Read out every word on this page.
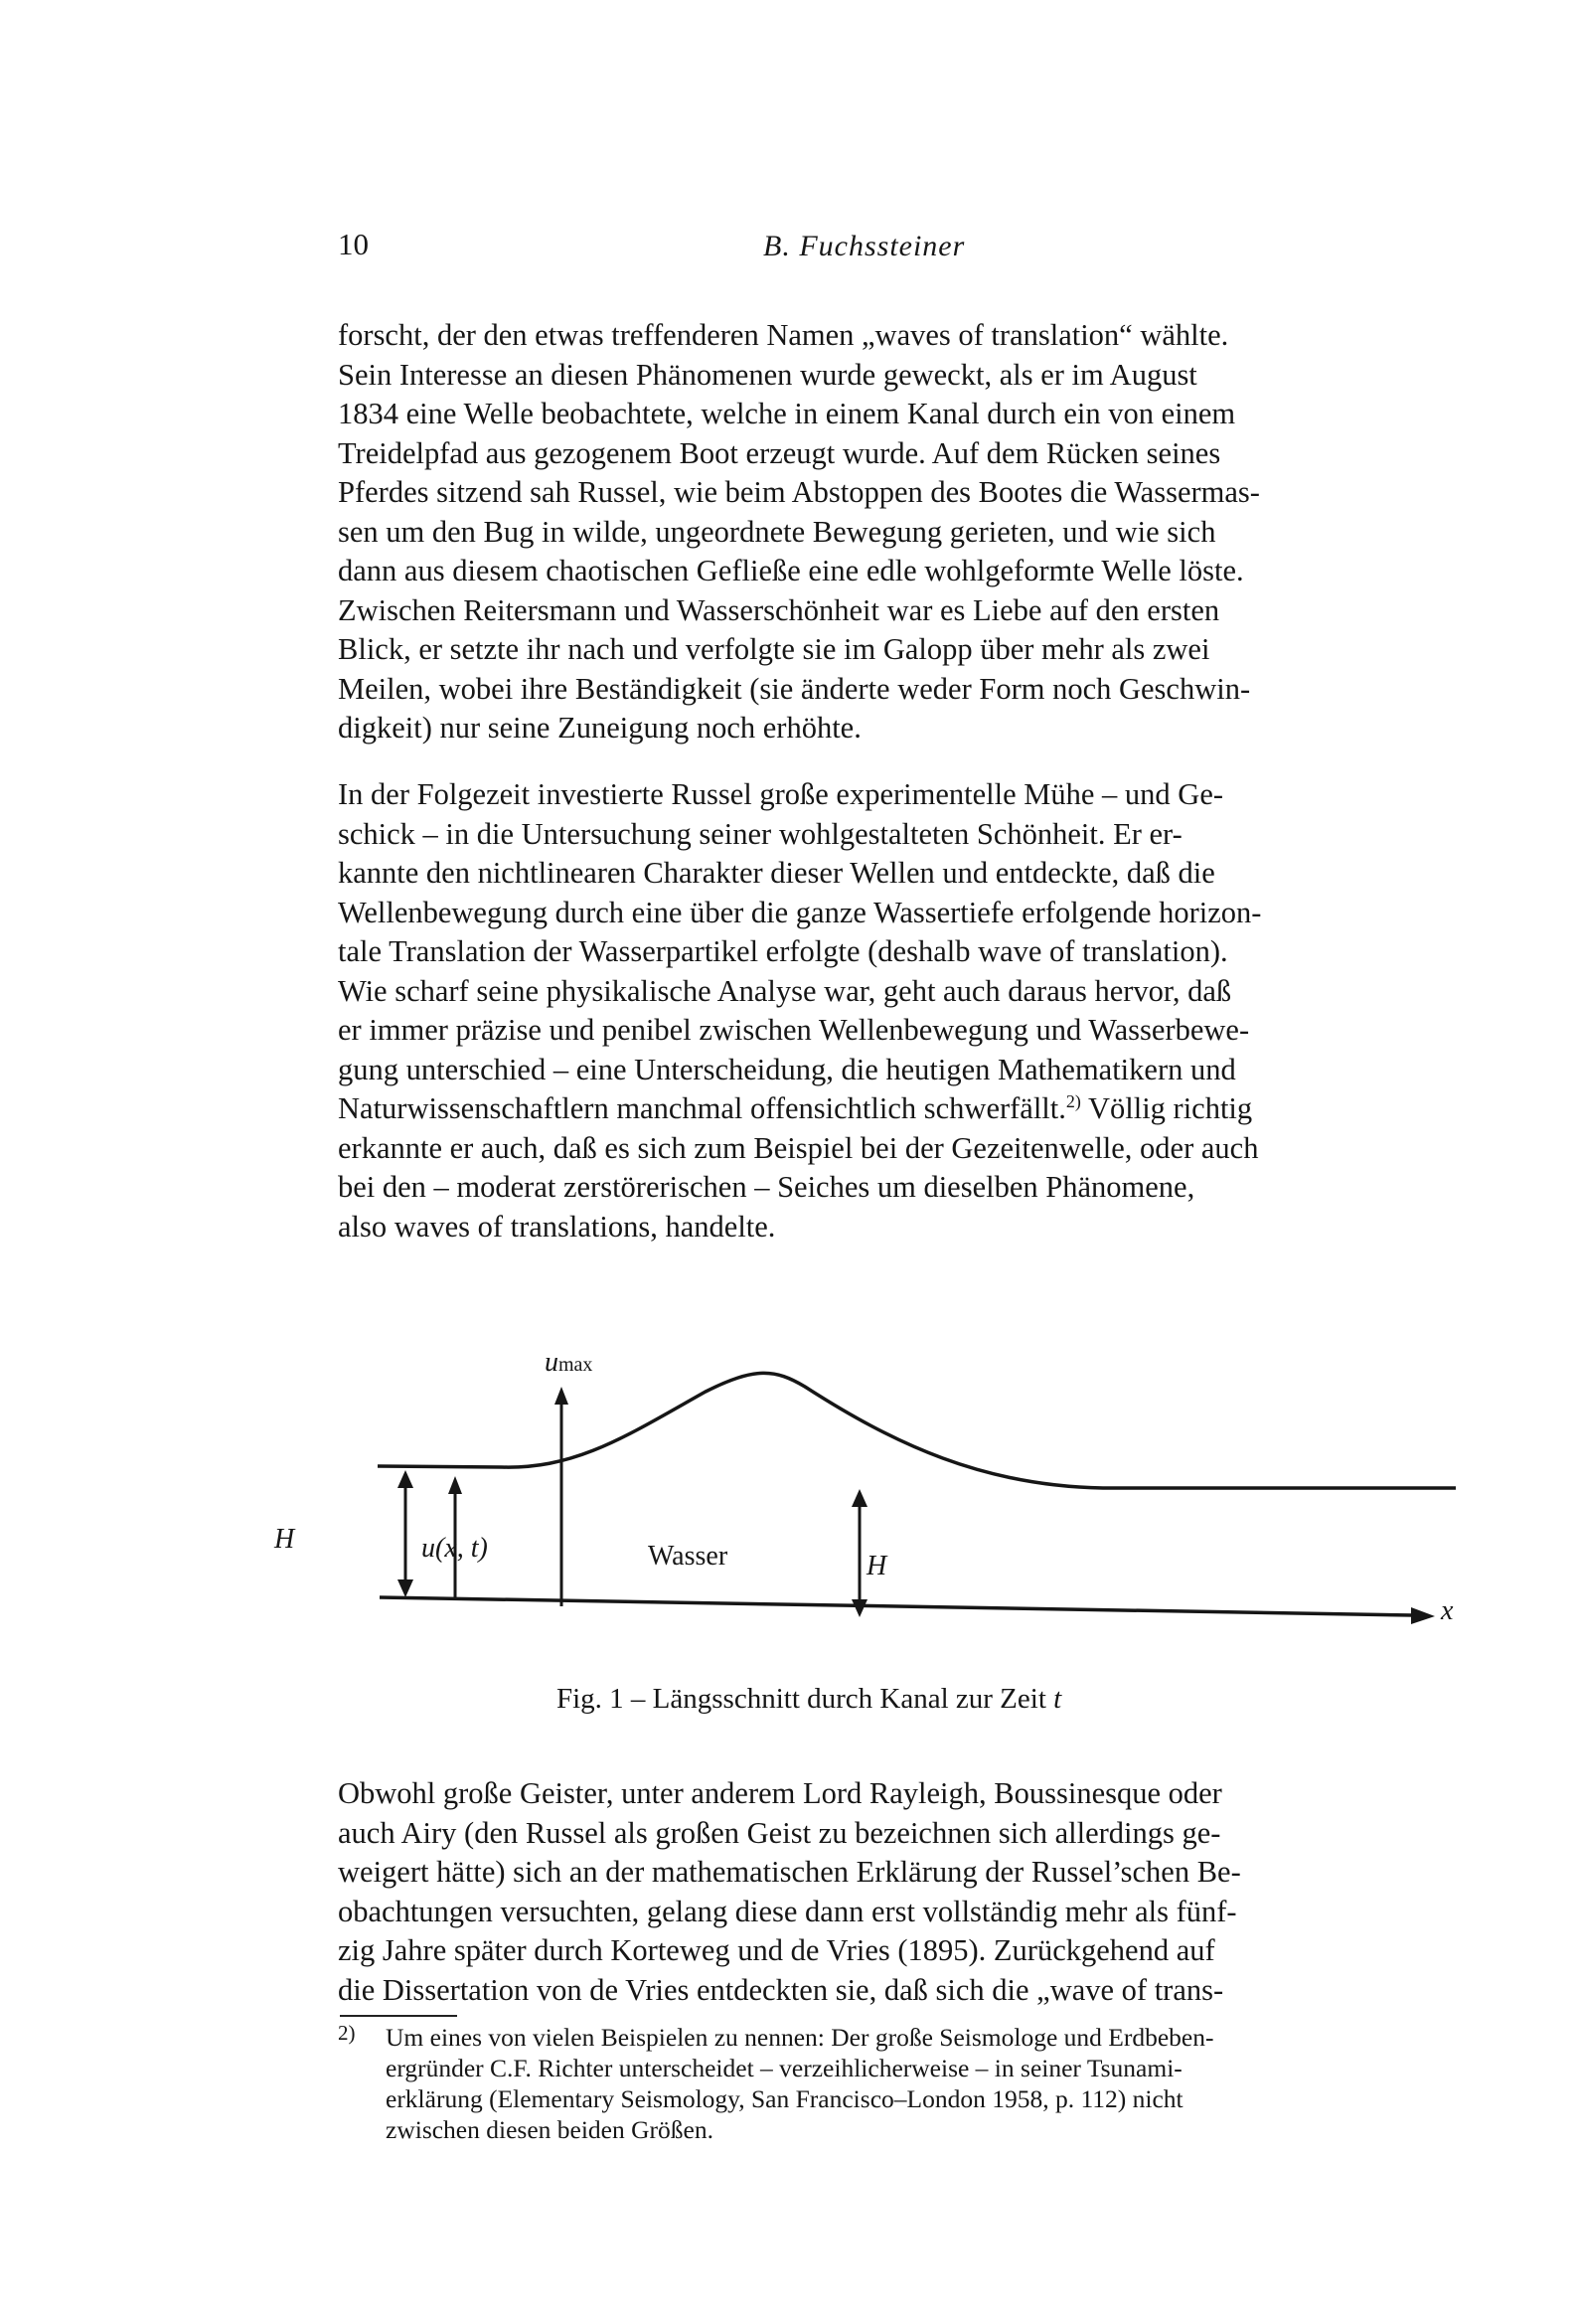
10	B. Fuchssteiner

forscht, der den etwas treffenderen Namen „waves of translation“ wählte.
Sein Interesse an diesen Phänomenen wurde geweckt, als er im August
1834 eine Welle beobachtete, welche in einem Kanal durch ein von einem
Treidelpfad aus gezogenem Boot erzeugt wurde. Auf dem Rücken seines
Pferdes sitzend sah Russel, wie beim Abstoppen des Bootes die Wassermas-
sen um den Bug in wilde, ungeordnete Bewegung gerieten, und wie sich
dann aus diesem chaotischen Gefließe eine edle wohlgeformte Welle löste.
Zwischen Reitersmann und Wasserschönheit war es Liebe auf den ersten
Blick, er setzte ihr nach und verfolgte sie im Galopp über mehr als zwei
Meilen, wobei ihre Beständigkeit (sie änderte weder Form noch Geschwin-
digkeit) nur seine Zuneigung noch erhöhte.

In der Folgezeit investierte Russel große experimentelle Mühe – und Ge-
schick – in die Untersuchung seiner wohlgestalteten Schönheit. Er er-
kannte den nichtlinearen Charakter dieser Wellen und entdeckte, daß die
Wellenbewegung durch eine über die ganze Wassertiefe erfolgende horizon-
tale Translation der Wasserpartikel erfolgte (deshalb wave of translation).
Wie scharf seine physikalische Analyse war, geht auch daraus hervor, daß
er immer präzise und penibel zwischen Wellenbewegung und Wasserbewe-
gung unterschied – eine Unterscheidung, die heutigen Mathematikern und
Naturwissenschaftlern manchmal offensichtlich schwerfällt.$^{2)}$ Völlig richtig
erkannte er auch, daß es sich zum Beispiel bei der Gezeitenwelle, oder auch
bei den – moderat zerstörerischen – Seiches um dieselben Phänomene,
also waves of translations, handelte.

umax
H	u(x, t)	Wasser	H
x
Fig. 1 – Längsschnitt durch Kanal zur Zeit t

Obwohl große Geister, unter anderem Lord Rayleigh, Boussinesque oder
auch Airy (den Russel als großen Geist zu bezeichnen sich allerdings ge-
weigert hätte) sich an der mathematischen Erklärung der Russel’schen Be-
obachtungen versuchten, gelang diese dann erst vollständig mehr als fünf-
zig Jahre später durch Korteweg und de Vries (1895). Zurückgehend auf
die Dissertation von de Vries entdeckten sie, daß sich die „wave of trans-

2) Um eines von vielen Beispielen zu nennen: Der große Seismologe und Erdbeben-
ergründer C.F. Richter unterscheidet – verzeihlicherweise – in seiner Tsunami-
erklärung (Elementary Seismology, San Francisco–London 1958, p. 112) nicht
zwischen diesen beiden Größen.
